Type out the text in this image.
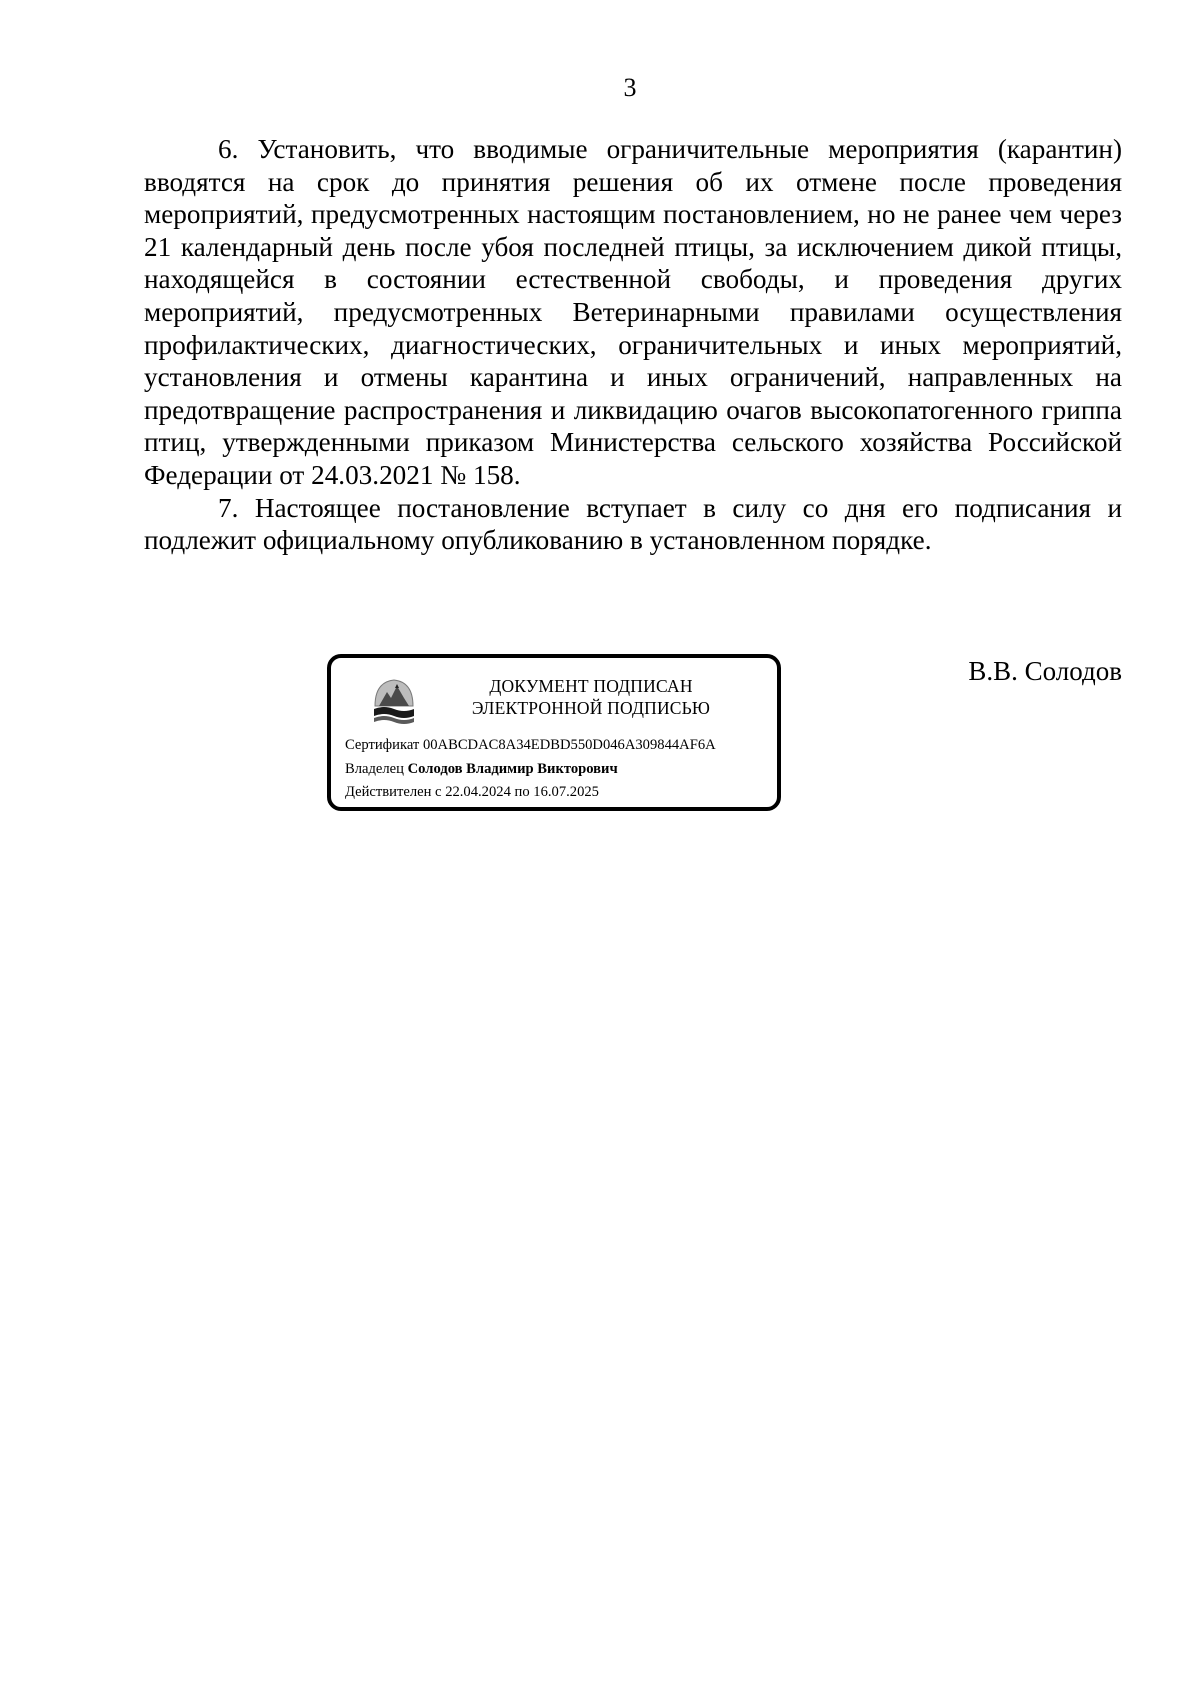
3

6. Установить, что вводимые ограничительные мероприятия (карантин) вводятся на срок до принятия решения об их отмене после проведения мероприятий, предусмотренных настоящим постановлением, но не ранее чем через 21 календарный день после убоя последней птицы, за исключением дикой птицы, находящейся в состоянии естественной свободы, и проведения других мероприятий, предусмотренных Ветеринарными правилами осуществления профилактических, диагностических, ограничительных и иных мероприятий, установления и отмены карантина и иных ограничений, направленных на предотвращение распространения и ликвидацию очагов высокопатогенного гриппа птиц, утвержденными приказом Министерства сельского хозяйства Российской Федерации от 24.03.2021 № 158.

7. Настоящее постановление вступает в силу со дня его подписания и подлежит официальному опубликованию в установленном порядке.

ДОКУМЕНТ ПОДПИСАН
ЭЛЕКТРОННОЙ ПОДПИСЬЮ
Сертификат 00ABCDAC8A34EDBD550D046A309844AF6A
Владелец Солодов Владимир Викторович
Действителен с 22.04.2024 по 16.07.2025
В.В. Солодов
